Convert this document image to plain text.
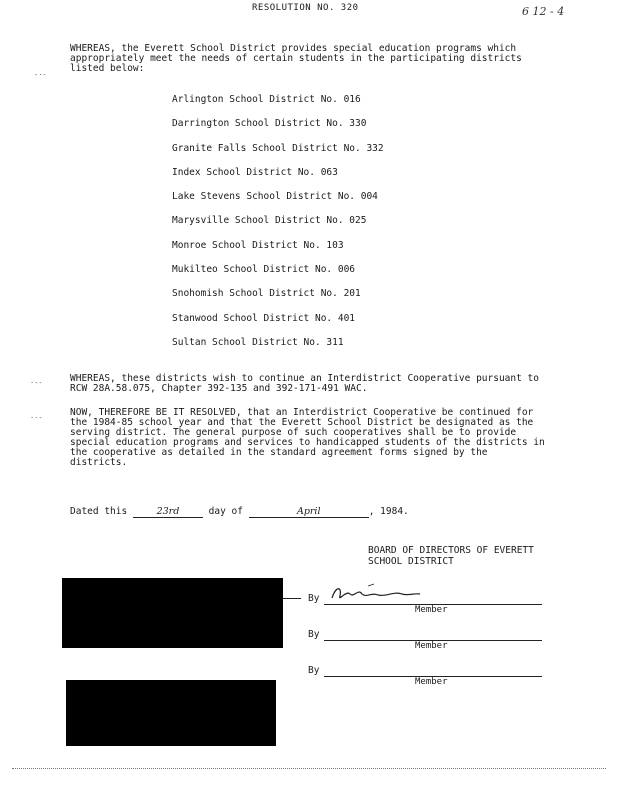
RESOLUTION NO. 320	6 12 - 4
WHEREAS, the Everett School District provides special education programs which appropriately meet the needs of certain students in the participating districts listed below:
Arlington School District No. 016
Darrington School District No. 330
Granite Falls School District No. 332
Index School District No. 063
Lake Stevens School District No. 004
Marysville School District No. 025
Monroe School District No. 103
Mukilteo School District No. 006
Snohomish School District No. 201
Stanwood School District No. 401
Sultan School District No. 311
WHEREAS, these districts wish to continue an Interdistrict Cooperative pursuant to RCW 28A.58.075, Chapter 392-135 and 392-171-491 WAC.
NOW, THEREFORE BE IT RESOLVED, that an Interdistrict Cooperative be continued for the 1984-85 school year and that the Everett School District be designated as the serving district. The general purpose of such cooperatives shall be to provide special education programs and services to handicapped students of the districts in the cooperative as detailed in the standard agreement forms signed by the districts.
Dated this	23rd	day of	April	, 1984.
BOARD OF DIRECTORS OF EVERETT
SCHOOL DISTRICT
By
Member
By
Member
By
Member
-·-
·--
·--
